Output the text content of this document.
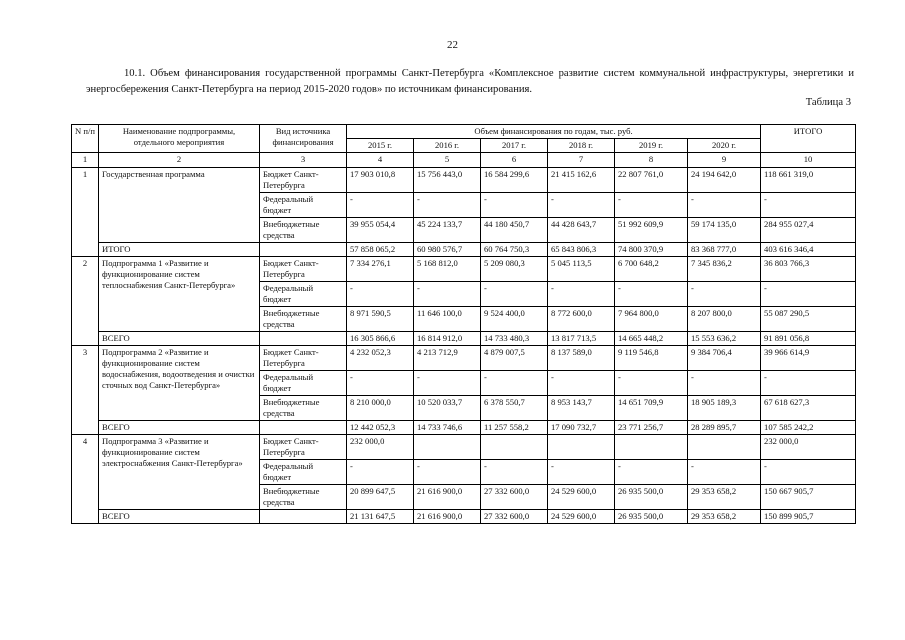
22
10.1. Объем финансирования государственной программы Санкт-Петербурга «Комплексное развитие систем коммунальной инфраструктуры, энергетики и энергосбережения Санкт-Петербурга на период 2015-2020 годов» по источникам финансирования.
Таблица 3
N п/п	Наименование подпрограммы, отдельного мероприятия	Вид источника финансирования	Объем финансирования по годам, тыс. руб.						ИТОГО
			2015 г.	2016 г.	2017 г.	2018 г.	2019 г.	2020 г.	
1	2	3	4	5	6	7	8	9	10
1	Государственная программа	Бюджет Санкт-Петербурга	17 903 010,8	15 756 443,0	16 584 299,6	21 415 162,6	22 807 761,0	24 194 642,0	118 661 319,0
		Федеральный бюджет	-	-	-	-	-	-	-
		Внебюджетные средства	39 955 054,4	45 224 133,7	44 180 450,7	44 428 643,7	51 992 609,9	59 174 135,0	284 955 027,4
	ИТОГО		57 858 065,2	60 980 576,7	60 764 750,3	65 843 806,3	74 800 370,9	83 368 777,0	403 616 346,4
2	Подпрограмма 1 «Развитие и функционирование систем теплоснабжения Санкт-Петербурга»	Бюджет Санкт-Петербурга	7 334 276,1	5 168 812,0	5 209 080,3	5 045 113,5	6 700 648,2	7 345 836,2	36 803 766,3
		Федеральный бюджет	-	-	-	-	-	-	-
		Внебюджетные средства	8 971 590,5	11 646 100,0	9 524 400,0	8 772 600,0	7 964 800,0	8 207 800,0	55 087 290,5
	ВСЕГО		16 305 866,6	16 814 912,0	14 733 480,3	13 817 713,5	14 665 448,2	15 553 636,2	91 891 056,8
3	Подпрограмма 2 «Развитие и функционирование систем водоснабжения, водоотведения и очистки сточных вод Санкт-Петербурга»	Бюджет Санкт-Петербурга	4 232 052,3	4 213 712,9	4 879 007,5	8 137 589,0	9 119 546,8	9 384 706,4	39 966 614,9
		Федеральный бюджет	-	-	-	-	-	-	-
		Внебюджетные средства	8 210 000,0	10 520 033,7	6 378 550,7	8 953 143,7	14 651 709,9	18 905 189,3	67 618 627,3
	ВСЕГО		12 442 052,3	14 733 746,6	11 257 558,2	17 090 732,7	23 771 256,7	28 289 895,7	107 585 242,2
4	Подпрограмма 3 «Развитие и функционирование систем электроснабжения Санкт-Петербурга»	Бюджет Санкт-Петербурга	232 000,0						232 000,0
		Федеральный бюджет	-	-	-	-	-	-	-
		Внебюджетные средства	20 899 647,5	21 616 900,0	27 332 600,0	24 529 600,0	26 935 500,0	29 353 658,2	150 667 905,7
	ВСЕГО		21 131 647,5	21 616 900,0	27 332 600,0	24 529 600,0	26 935 500,0	29 353 658,2	150 899 905,7
